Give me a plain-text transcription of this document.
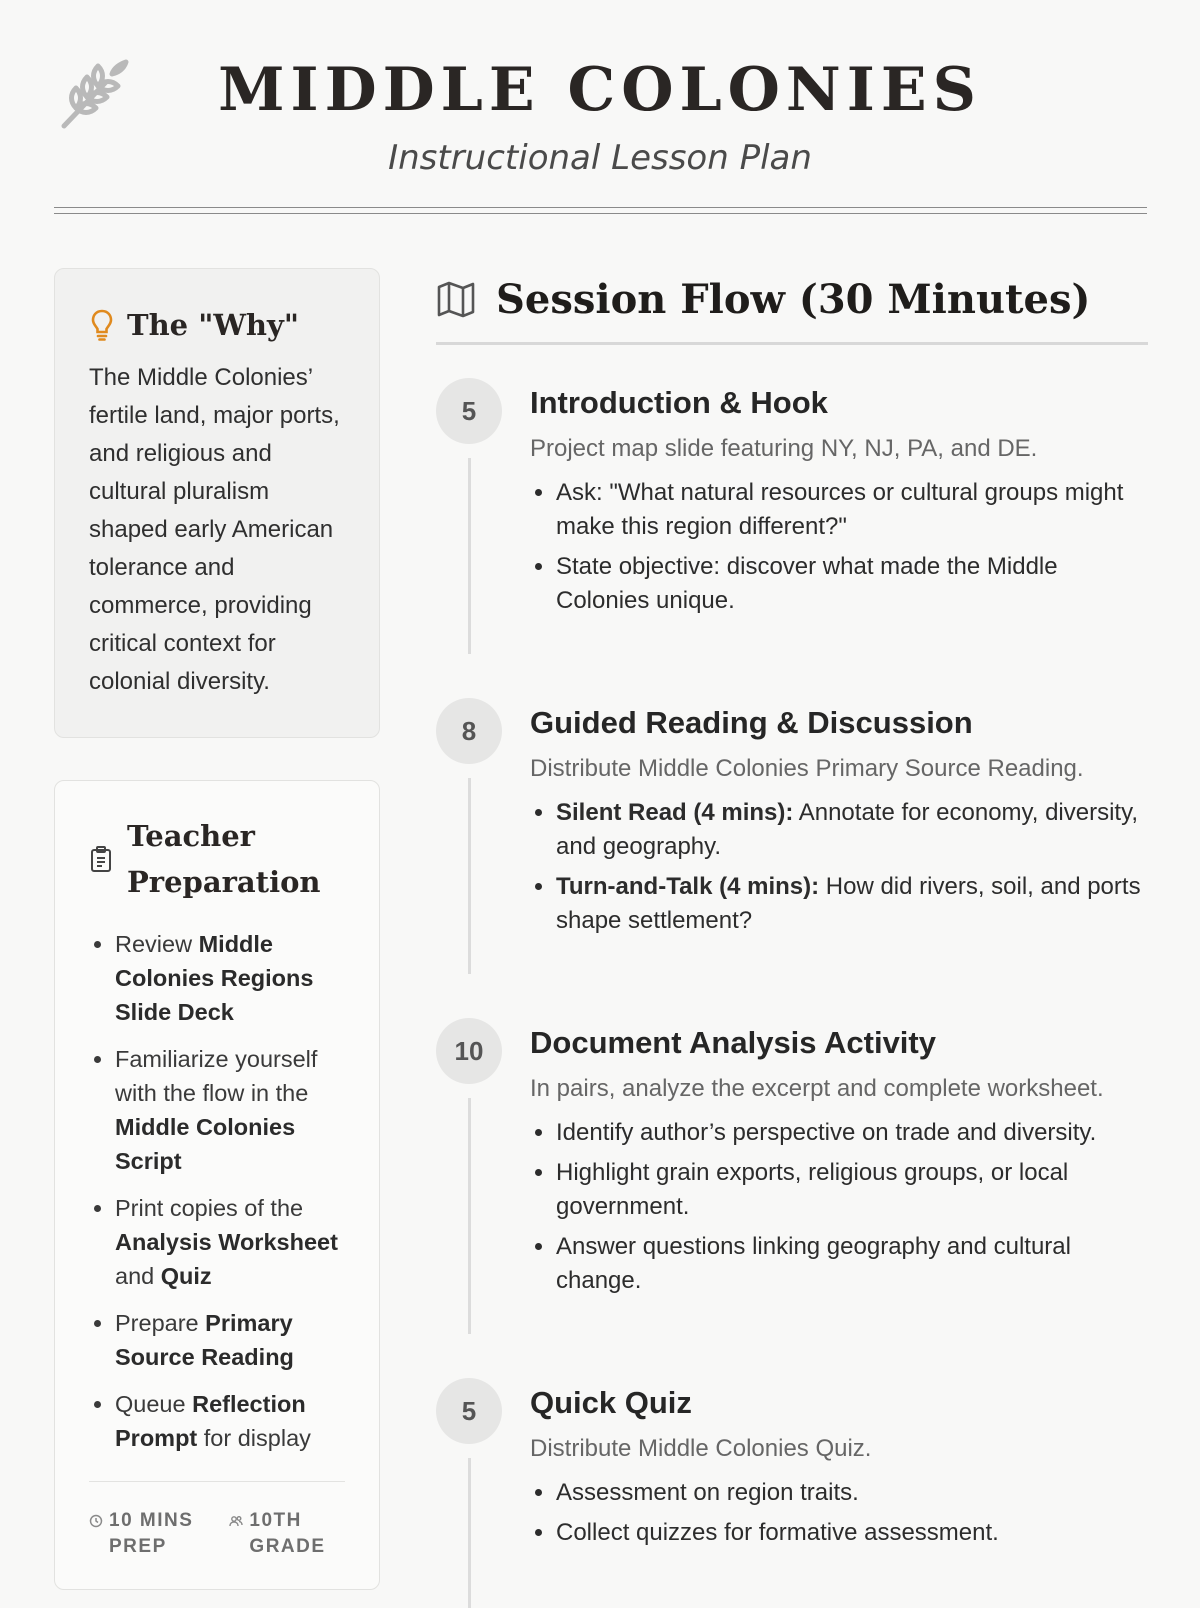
MIDDLE COLONIES
Instructional Lesson Plan
The "Why"
The Middle Colonies’ fertile land, major ports, and religious and cultural pluralism shaped early American tolerance and commerce, providing critical context for colonial diversity.
Teacher Preparation
• Review Middle Colonies Regions Slide Deck
• Familiarize yourself with the flow in the Middle Colonies Script
• Print copies of the Analysis Worksheet and Quiz
• Prepare Primary Source Reading
• Queue Reflection Prompt for display
10 MINS
PREP
10TH
GRADE
Session Flow (30 Minutes)
5	Introduction & Hook
Project map slide featuring NY, NJ, PA, and DE.
• Ask: "What natural resources or cultural groups might make this region different?"
• State objective: discover what made the Middle Colonies unique.
8	Guided Reading & Discussion
Distribute Middle Colonies Primary Source Reading.
• Silent Read (4 mins): Annotate for economy, diversity, and geography.
• Turn-and-Talk (4 mins): How did rivers, soil, and ports shape settlement?
10	Document Analysis Activity
In pairs, analyze the excerpt and complete worksheet.
• Identify author’s perspective on trade and diversity.
• Highlight grain exports, religious groups, or local government.
• Answer questions linking geography and cultural change.
5	Quick Quiz
Distribute Middle Colonies Quiz.
• Assessment on region traits.
• Collect quizzes for formative assessment.
